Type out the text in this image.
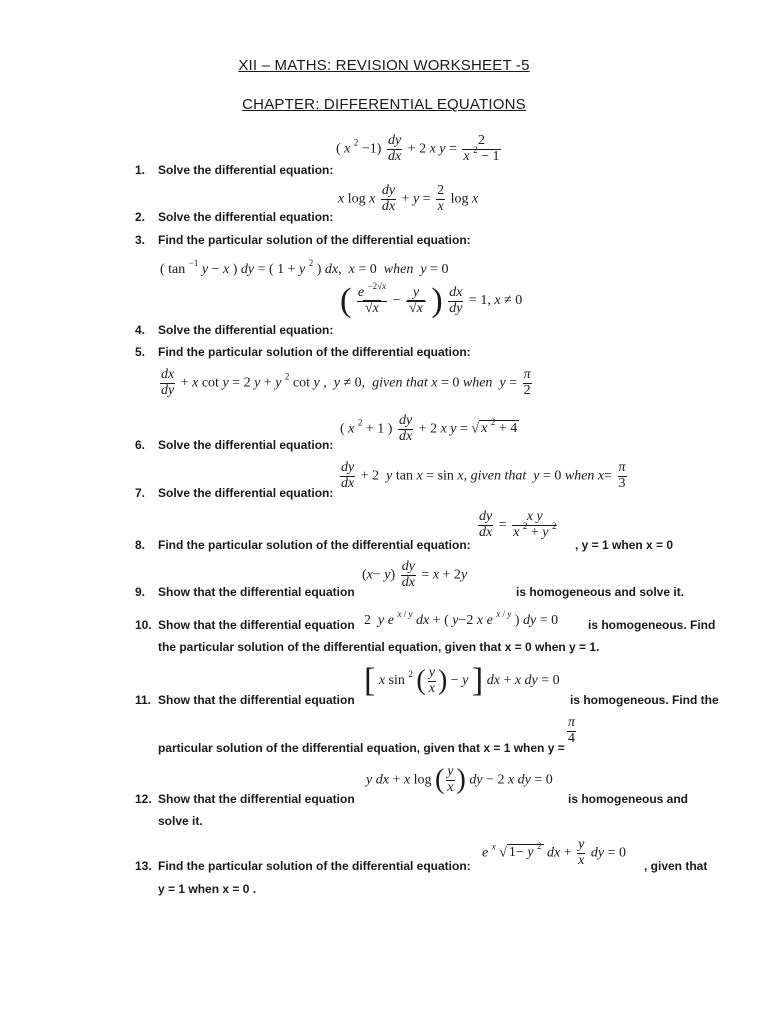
XII – MATHS: REVISION WORKSHEET -5
CHAPTER: DIFFERENTIAL EQUATIONS
( x $^2 -1) \frac{dy}{dx} + 2$ x $y = \frac{2}{x ^2 - 1}$
1. Solve the differential equation:
x log x $\frac{dy}{dx} + y = \frac{2}{x}$ log x
2. Solve the differential equation:
3. Find the particular solution of the differential equation:
( tan $^{-1}$ y − x ) dy = ( 1 + y $^2$ ) dx,  x = 0  when y = 0
( $\frac{e ^{-2√x}}{√x} - \frac{y}{√x}$ ) $\frac{dx}{dy} = 1$, x ≠ 0
4. Solve the differential equation:
5. Find the particular solution of the differential equation:
$\frac{dx}{dy} + x$ cot y = 2 y + y $^2$ cot y ,  y ≠ 0,  given that x = 0 when $y = \frac{\pi}{2}$
( x $^2$ + 1 ) $\frac{dy}{dx} + 2$ x y = √ x $^2$ + 4
6. Solve the differential equation:
$\frac{dy}{dx} + 2$  y tan x = sin x, given that y = 0 when $x= \frac{\pi}{3}$
7. Solve the differential equation:
$\frac{dy}{dx} = \frac{\text{x y}}{x ^2 + y ^2}$
8. Find the particular solution of the differential equation:	, y = 1 when x = 0
$(x- y) \frac{dy}{dx} = x + 2y$
9. Show that the differential equation	is homogeneous and solve it.
10. Show that the differential equation 2  y e $^{x / y}$ dx + ( y−2 x e $^{x / y}$ ) dy = 0 is homogeneous. Find
the particular solution of the differential equation, given that x = 0 when y = 1.
[ x sin $^2$ ( $\frac{y}{x}$ ) − y ] dx + x dy = 0
11. Show that the differential equation	is homogeneous. Find the
particular solution of the differential equation, given that x = 1 when y =
$\frac{\pi}{4}$
y dx + x log ( $\frac{y}{x}$ ) dy − 2 x dy = 0
12. Show that the differential equation	is homogeneous and
solve it.
e $^x$ √ 1− y $^2$ dx + $\frac{y}{x}$ dy = 0
13. Find the particular solution of the differential equation:	, given that
y = 1 when x = 0 .
